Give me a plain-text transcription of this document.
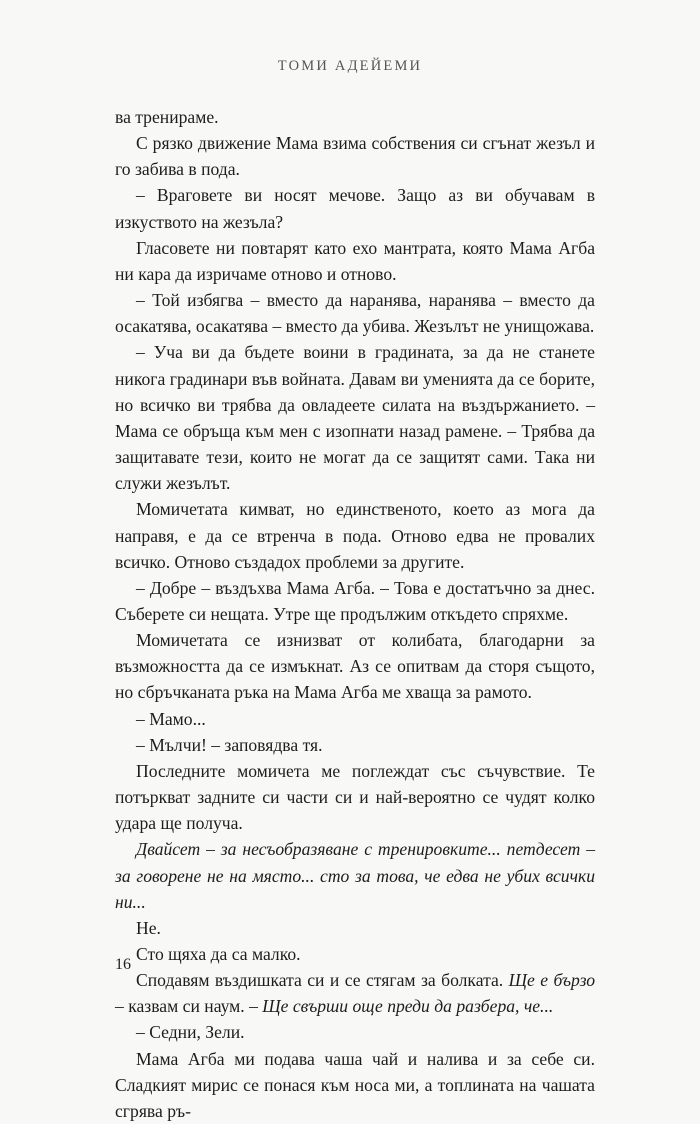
ТОМИ АДЕЙЕМИ

ва тренираме.

С рязко движение Мама взима собствения си сгънат жезъл и го забива в пода.

– Враговете ви носят мечове. Защо аз ви обучавам в изкуството на жезъла?

Гласовете ни повтарят като ехо мантрата, която Мама Агба ни кара да изричаме отново и отново.

– Той избягва – вместо да наранява, наранява – вместо да осакатява, осакатява – вместо да убива. Жезълът не унищожава.

– Уча ви да бъдете воини в градината, за да не станете никога градинари във войната. Давам ви уменията да се борите, но всичко ви трябва да овладеете силата на въздържанието. – Мама се обръща към мен с изопнати назад рамене. – Трябва да защитавате тези, които не могат да се защитят сами. Така ни служи жезълът.

Момичетата кимват, но единственото, което аз мога да направя, е да се втренча в пода. Отново едва не провалих всичко. Отново създадох проблеми за другите.

– Добре – въздъхва Мама Агба. – Това е достатъчно за днес. Съберете си нещата. Утре ще продължим откъдето спряхме.

Момичетата се изнизват от колибата, благодарни за възможността да се измъкнат. Аз се опитвам да сторя същото, но сбръчканата ръка на Мама Агба ме хваща за рамото.

– Мамо...

– Мълчи! – заповядва тя.

Последните момичета ме поглеждат със съчувствие. Те потъркват задните си части си и най-вероятно се чудят колко удара ще получа.

Двайсет – за несъобразяване с тренировките... петдесет – за говорене не на място... сто за това, че едва не убих всички ни...

Не.

Сто щяха да са малко.

Сподавям въздишката си и се стягам за болката. Ще е бързо – казвам си наум. – Ще свърши още преди да разбера, че...

– Седни, Зели.

Мама Агба ми подава чаша чай и налива и за себе си. Сладкият мирис се понася към носа ми, а топлината на чашата сгрява ръ-

16
